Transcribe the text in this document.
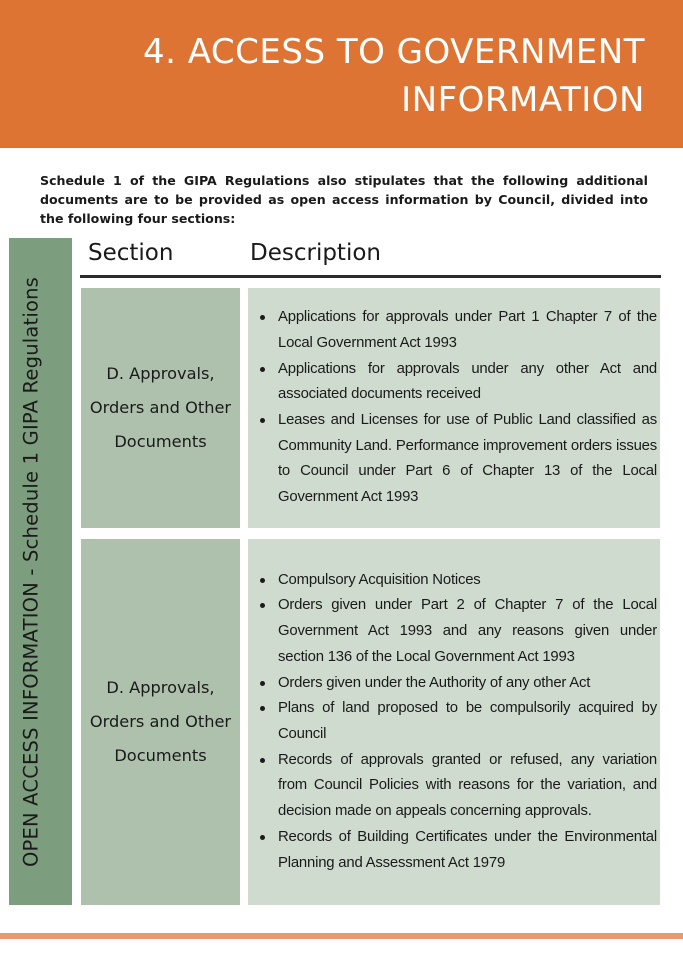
4. ACCESS TO GOVERNMENT
INFORMATION

Schedule 1 of the GIPA Regulations also stipulates that the following additional documents are to be provided as open access information by Council, divided into the following four sections:

OPEN ACCESS INFORMATION - Schedule 1 GIPA Regulations
Section	Description
D. Approvals, Orders and Other Documents
Applications for approvals under Part 1 Chapter 7 of the Local Government Act 1993
Applications for approvals under any other Act and associated documents received
Leases and Licenses for use of Public Land classified as Community Land. Performance improvement orders issues to Council under Part 6 of Chapter 13 of the Local Government Act 1993
D. Approvals, Orders and Other Documents
Compulsory Acquisition Notices
Orders given under Part 2 of Chapter 7 of the Local Government Act 1993 and any reasons given under section 136 of the Local Government Act 1993
Orders given under the Authority of any other Act
Plans of land proposed to be compulsorily acquired by Council
Records of approvals granted or refused, any variation from Council Policies with reasons for the variation, and decision made on appeals concerning approvals.
Records of Building Certificates under the Environmental Planning and Assessment Act 1979
